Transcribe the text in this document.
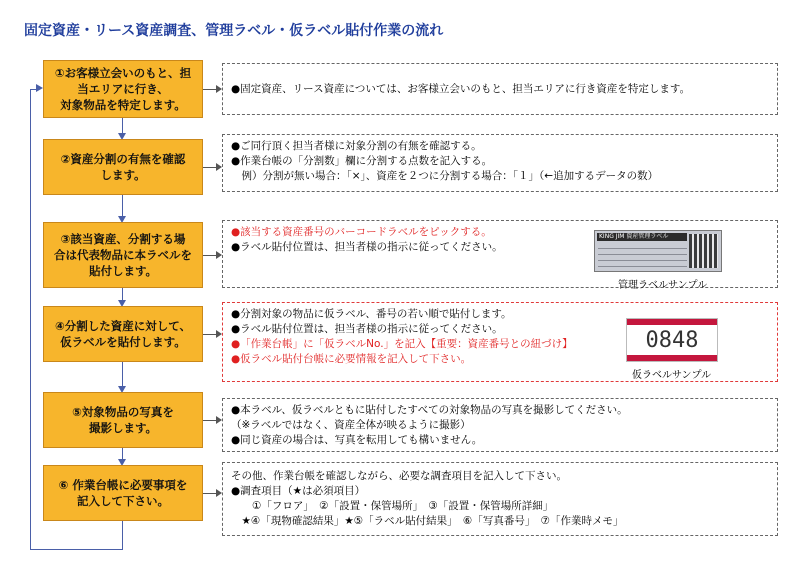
固定資産・リース資産調査、管理ラベル・仮ラベル貼付作業の流れ
①お客様立会いのもと、担
当エリアに行き、
対象物品を特定します。
●固定資産、リース資産については、お客様立会いのもと、担当エリアに行き資産を特定します。
②資産分割の有無を確認
します。
●ご同行頂く担当者様に対象分割の有無を確認する。
●作業台帳の「分割数」欄に分割する点数を記入する。
　例）分割が無い場合：「×」、資産を２つに分割する場合：「１」（←追加するデータの数）
③該当資産、分割する場
合は代表物品に本ラベルを
貼付します。
●該当する資産番号のバーコードラベルをピックする。
●ラベル貼付位置は、担当者様の指示に従ってください。
KING JIM 資産管理ラベル
管理ラベルサンプル
④分割した資産に対して、
仮ラベルを貼付します。
●分割対象の物品に仮ラベル、番号の若い順で貼付します。
●ラベル貼付位置は、担当者様の指示に従ってください。
●「作業台帳」に「仮ラベルNo.」を記入【重要：資産番号との紐づけ】
●仮ラベル貼付台帳に必要情報を記入して下さい。
0848
仮ラベルサンプル
⑤対象物品の写真を
撮影します。
●本ラベル、仮ラベルともに貼付したすべての対象物品の写真を撮影してください。
（※ラベルではなく、資産全体が映るように撮影）
●同じ資産の場合は、写真を転用しても構いません。
⑥ 作業台帳に必要事項を
記入して下さい。
その他、作業台帳を確認しながら、必要な調査項目を記入して下さい。
●調査項目（★は必須項目）
　　①「フロア」　②「設置・保管場所」　③「設置・保管場所詳細」
　★④「現物確認結果」★⑤「ラベル貼付結果」　⑥「写真番号」　⑦「作業時メモ」
